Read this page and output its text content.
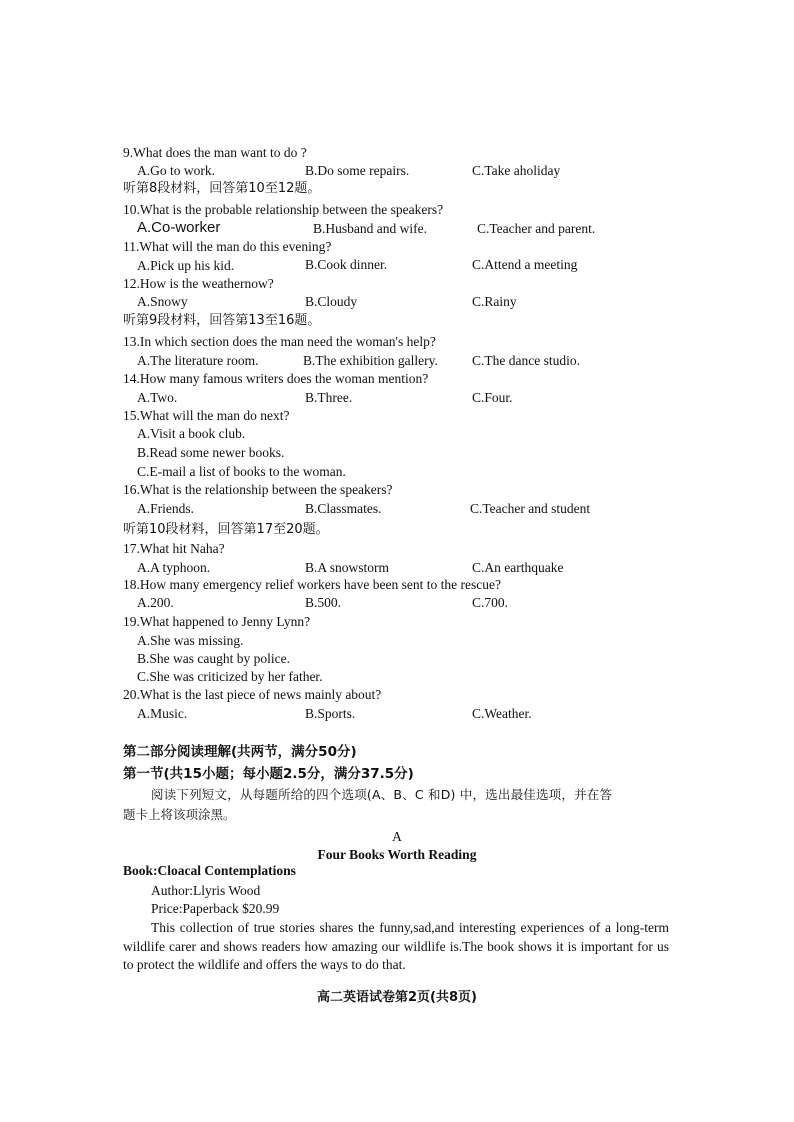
9.What does the man want to do ?
A.Go to work.	B.Do some repairs.	C.Take aholiday
听第8段材料，回答第10至12题。
10.What is the probable relationship between the speakers?
A.Co-worker	B.Husband and wife.	C.Teacher and parent.
11.What will the man do this evening?
A.Pick up his kid.	B.Cook dinner.	C.Attend a meeting
12.How is the weathernow?
A.Snowy	B.Cloudy	C.Rainy
听第9段材料，回答第13至16题。
13.In which section does the man need the woman's help?
A.The literature room.	B.The exhibition gallery.	C.The dance studio.
14.How many famous writers does the woman mention?
A.Two.	B.Three.	C.Four.
15.What will the man do next?
A.Visit a book club.
B.Read some newer books.
C.E-mail a list of books to the woman.
16.What is the relationship between the speakers?
A.Friends.	B.Classmates.	C.Teacher and student
听第10段材料，回答第17至20题。
17.What hit Naha?
A.A typhoon.	B.A snowstorm	C.An earthquake
18.How many emergency relief workers have been sent to the rescue?
A.200.	B.500.	C.700.
19.What happened to Jenny Lynn?
A.She was missing.
B.She was caught by police.
C.She was criticized by her father.
20.What is the last piece of news mainly about?
A.Music.	B.Sports.	C.Weather.
第二部分阅读理解(共两节，满分50分)
第一节(共15小题；每小题2.5分，满分37.5分)
阅读下列短文，从每题所给的四个选项(A、B、C 和D) 中，选出最佳选项，并在答
题卡上将该项涂黑。
A
Four Books Worth Reading
Book:Cloacal Contemplations
Author:Llyris Wood
Price:Paperback $20.99
This collection of true stories shares the funny,sad,and interesting experiences of a long-term wildlife carer and shows readers how amazing our wildlife is.The book shows it is important for us to protect the wildlife and offers the ways to do that.
高二英语试卷第2页(共8页)
